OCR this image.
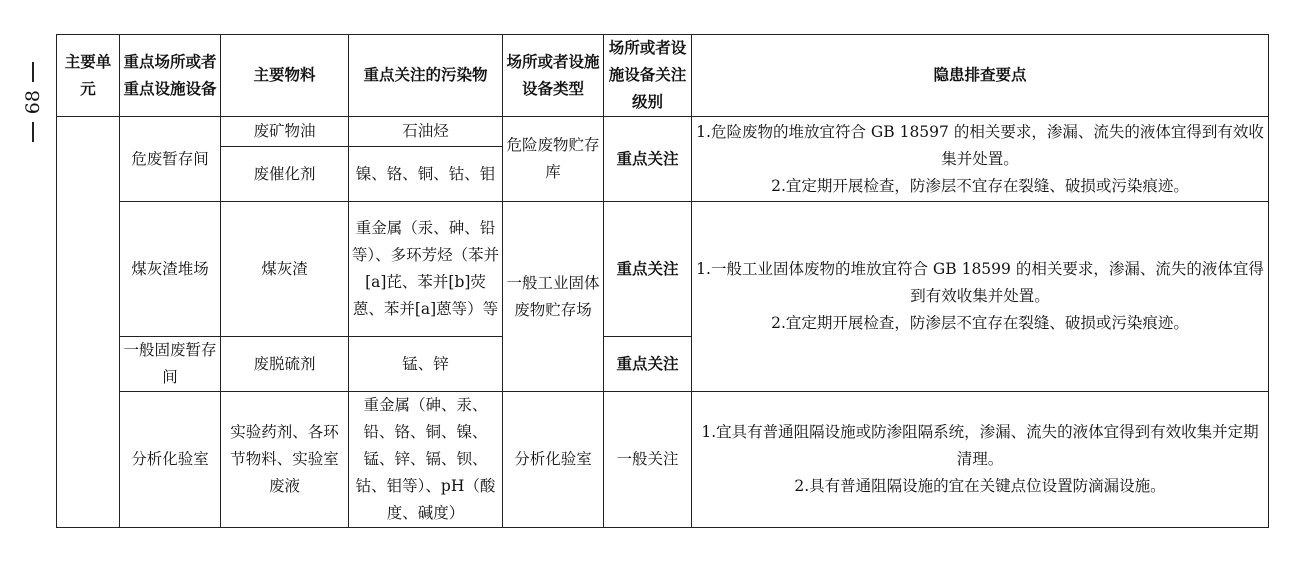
68
主要单元	重点场所或者重点设施设备	主要物料	重点关注的污染物	场所或者设施设备类型	场所或者设施设备关注级别	隐患排查要点
	危废暂存间	废矿物油	石油烃	危险废物贮存库	重点关注	1.危险废物的堆放宜符合 GB 18597 的相关要求，渗漏、流失的液体宜得到有效收集并处置。
2.宜定期开展检查，防渗层不宜存在裂缝、破损或污染痕迹。

		废催化剂	镍、铬、铜、钴、钼			
	煤灰渣堆场	煤灰渣	重金属（汞、砷、铅等）、多环芳烃（苯并[a]芘、苯并[b]荧蒽、苯并[a]蒽等）等	一般工业固体废物贮存场	重点关注	1.一般工业固体废物的堆放宜符合 GB 18599 的相关要求，渗漏、流失的液体宜得到有效收集并处置。
2.宜定期开展检查，防渗层不宜存在裂缝、破损或污染痕迹。

	一般固废暂存间	废脱硫剂	锰、锌		重点关注	
	分析化验室	实验药剂、各环节物料、实验室废液	重金属（砷、汞、铅、铬、铜、镍、锰、锌、镉、钡、钴、钼等）、pH（酸度、碱度）	分析化验室	一般关注	1.宜具有普通阻隔设施或防渗阻隔系统，渗漏、流失的液体宜得到有效收集并定期清理。
2.具有普通阻隔设施的宜在关键点位设置防滴漏设施。
